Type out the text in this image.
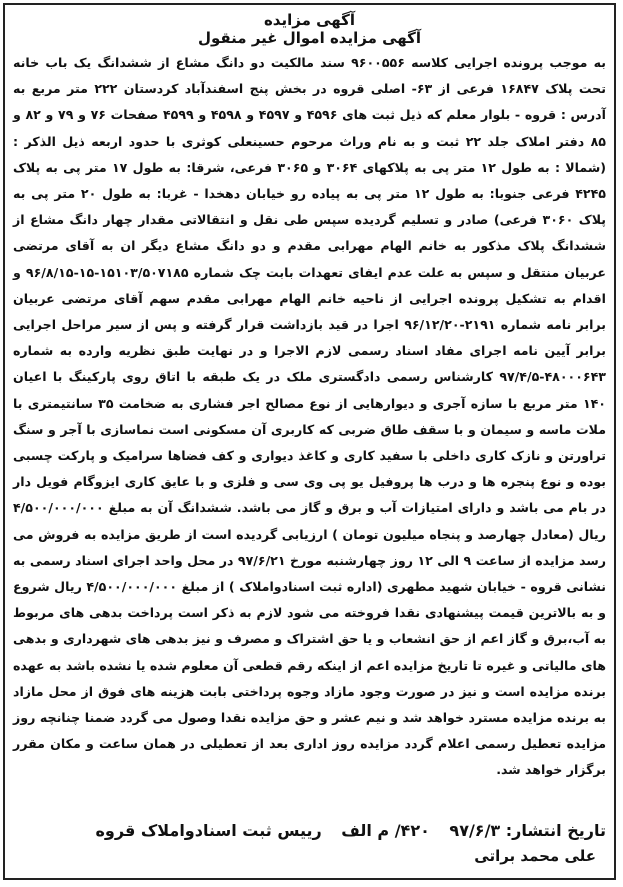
آگهی مزایده

آگهی مزایده اموال غیر منقول

به موجب پرونده اجرایی کلاسه ۹۶۰۰۵۵۶ سند مالکیت دو دانگ مشاع از ششدانگ یک باب خانه تحت پلاک ۱۶۸۴۷ فرعی از ۶۳- اصلی قروه در بخش پنج اسفندآباد کردستان ۲۲۲ متر مربع به آدرس : قروه - بلوار معلم که ذیل ثبت های ۴۵۹۶ و ۴۵۹۷ و ۴۵۹۸ و ۴۵۹۹ صفحات ۷۶ و ۷۹ و ۸۲ و ۸۵ دفتر املاک جلد ۲۲ ثبت و به نام وراث مرحوم حسینعلی کوثری با حدود اربعه ذیل الذکر : (شمالا : به طول ۱۲ متر پی به پلاکهای ۳۰۶۴ و ۳۰۶۵ فرعی، شرقا: به طول ۱۷ متر پی به پلاک ۴۲۴۵ فرعی جنوبا: به طول ۱۲ متر پی به پیاده رو خیابان دهخدا - غربا: به طول ۲۰ متر پی به پلاک ۳۰۶۰ فرعی) صادر و تسلیم گردیده سپس طی نقل و انتقالاتی مقدار چهار دانگ مشاع از ششدانگ پلاک مذکور به خانم الهام مهرابی مقدم و دو دانگ مشاع دیگر ان به آقای مرتضی عربیان منتقل و سپس به علت عدم ایفای تعهدات بابت چک شماره ۱۵۱۰۳/۵۰۷۱۸۵-۱۵-۹۶/۸/۱۵ و اقدام به تشکیل پرونده اجرایی از ناحیه خانم الهام مهرابی مقدم سهم آقای مرتضی عربیان برابر نامه شماره ۲۱۹۱-۹۶/۱۲/۲۰ اجرا در قید بازداشت قرار گرفته و پس از سیر مراحل اجرایی برابر آیین نامه اجرای مفاد اسناد رسمی لازم الاجرا و در نهایت طبق نظریه وارده به شماره ۴۸۰۰۰۶۴۳-۹۷/۴/۵ کارشناس رسمی دادگستری ملک در یک طبقه با اتاق روی پارکینگ با اعیان ۱۴۰ متر مربع با سازه آجری و دیوارهایی از نوع مصالح اجر فشاری به ضخامت ۳۵ سانتیمتری با ملات ماسه و سیمان و با سقف طاق ضربی که کاربری آن مسکونی است نماسازی با آجر و سنگ تراورتن و نازک کاری داخلی با سفید کاری و کاغذ دیواری و کف فضاها سرامیک و پارکت چسبی بوده و نوع پنجره ها و درب ها پروفیل یو پی وی سی و فلزی و با عایق کاری ایزوگام فویل دار در بام می باشد و دارای امتیازات آب و برق و گاز می باشد. ششدانگ آن به مبلغ ۴/۵۰۰/۰۰۰/۰۰۰ ریال (معادل چهارصد و پنجاه میلیون تومان ) ارزیابی گردیده است از طریق مزایده به فروش می رسد مزایده از ساعت ۹ الی ۱۲ روز چهارشنبه مورخ ۹۷/۶/۲۱ در محل واحد اجرای اسناد رسمی به نشانی قروه - خیابان شهید مطهری (اداره ثبت اسنادواملاک ) از مبلغ ۴/۵۰۰/۰۰۰/۰۰۰ ریال شروع و به بالاترین قیمت پیشنهادی نقدا فروخته می شود لازم به ذکر است پرداخت بدهی های مربوط به آب،برق و گاز اعم از حق انشعاب و یا حق اشتراک و مصرف و نیز بدهی های شهرداری و بدهی های مالیاتی و غیره تا تاریخ مزایده اعم از اینکه رقم قطعی آن معلوم شده یا نشده باشد به عهده برنده مزایده است و نیز در صورت وجود مازاد وجوه پرداختی بابت هزینه های فوق از محل مازاد به برنده مزایده مسترد خواهد شد و نیم عشر و حق مزایده نقدا وصول می گردد ضمنا چنانچه روز مزایده تعطیل رسمی اعلام گردد مزایده روز اداری بعد از تعطیلی در همان ساعت و مکان مقرر برگزار خواهد شد.

تاریخ انتشار: ۹۷/۶/۳ ۴۲۰/ م الف رییس ثبت اسنادواملاک قروه
علی محمد براتی
